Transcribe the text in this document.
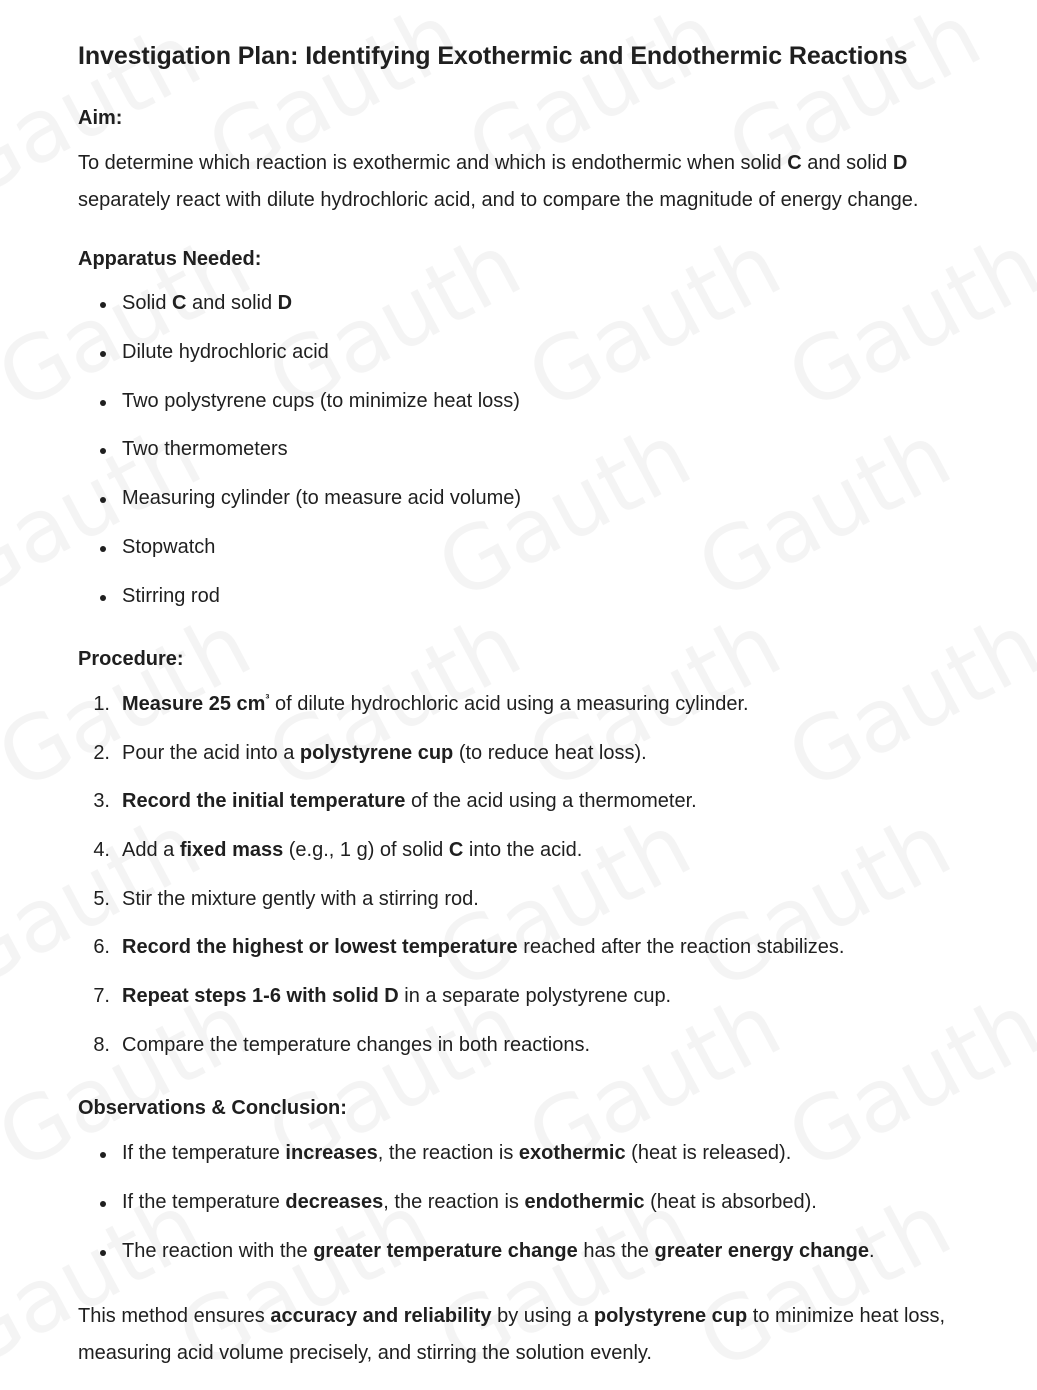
Investigation Plan: Identifying Exothermic and Endothermic Reactions
Aim:
To determine which reaction is exothermic and which is endothermic when solid C and solid D
separately react with dilute hydrochloric acid, and to compare the magnitude of energy change.
Apparatus Needed:
Solid C and solid D
Dilute hydrochloric acid
Two polystyrene cups (to minimize heat loss)
Two thermometers
Measuring cylinder (to measure acid volume)
Stopwatch
Stirring rod
Procedure:
1. Measure 25 $cm^{^3}$ of dilute hydrochloric acid using a measuring cylinder.
2. Pour the acid into a polystyrene cup (to reduce heat loss).
3. Record the initial temperature of the acid using a thermometer.
4. Add a fixed mass (e.g., 1 g) of solid C into the acid.
5. Stir the mixture gently with a stirring rod.
6. Record the highest or lowest temperature reached after the reaction stabilizes.
7. Repeat steps 1-6 with solid D in a separate polystyrene cup.
8. Compare the temperature changes in both reactions.
Observations & Conclusion:
If the temperature increases, the reaction is exothermic (heat is released).
If the temperature decreases, the reaction is endothermic (heat is absorbed).
The reaction with the greater temperature change has the greater energy change.
This method ensures accuracy and reliability by using a polystyrene cup to minimize heat loss,
measuring acid volume precisely, and stirring the solution evenly.
